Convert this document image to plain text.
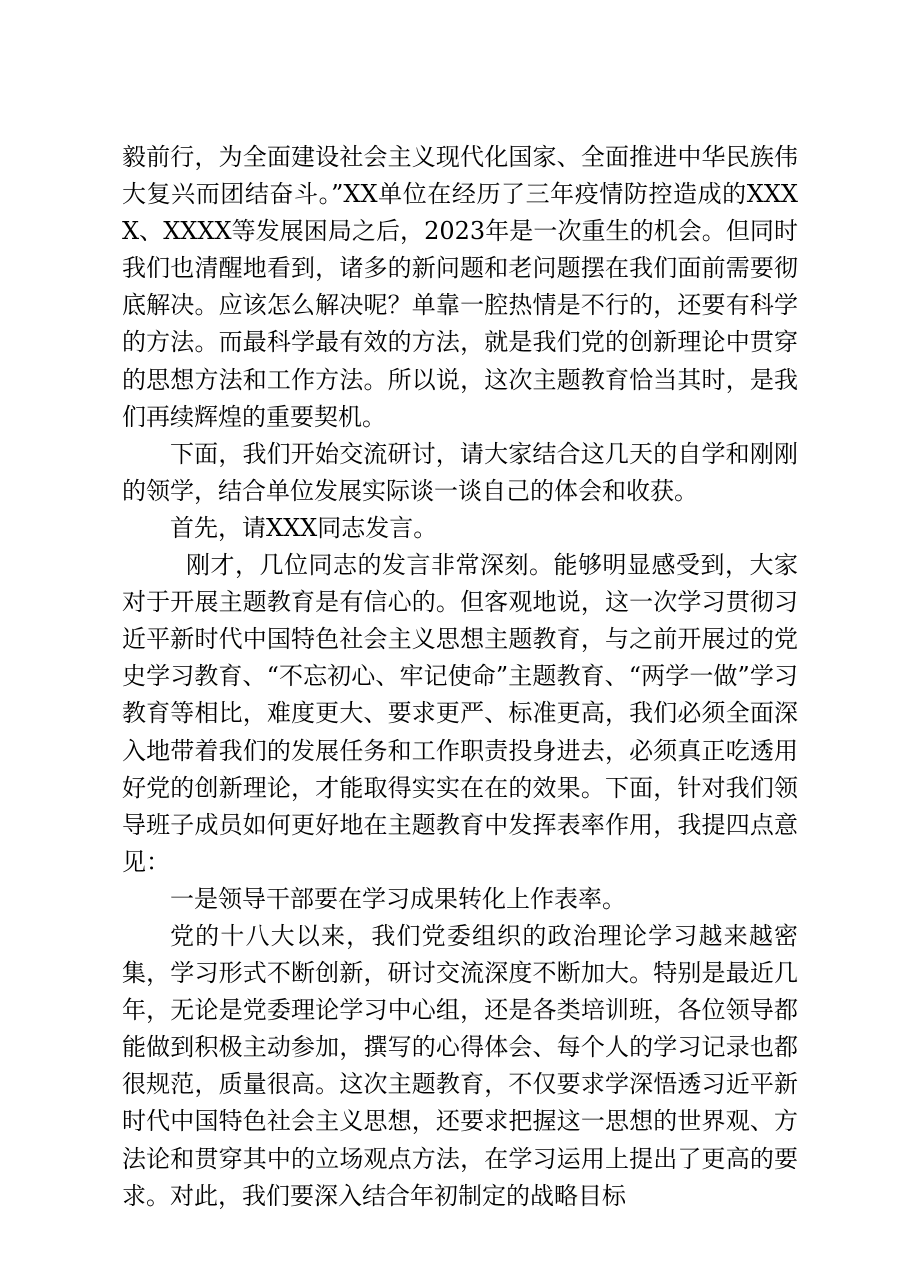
毅前行，为全面建设社会主义现代化国家、全面推进中华民族伟大复兴而团结奋斗。”XX单位在经历了三年疫情防控造成的XXXX、XXXX等发展困局之后，2023年是一次重生的机会。但同时我们也清醒地看到，诸多的新问题和老问题摆在我们面前需要彻底解决。应该怎么解决呢？单靠一腔热情是不行的，还要有科学的方法。而最科学最有效的方法，就是我们党的创新理论中贯穿的思想方法和工作方法。所以说，这次主题教育恰当其时，是我们再续辉煌的重要契机。

下面，我们开始交流研讨，请大家结合这几天的自学和刚刚的领学，结合单位发展实际谈一谈自己的体会和收获。

首先，请XXX同志发言。

刚才，几位同志的发言非常深刻。能够明显感受到，大家对于开展主题教育是有信心的。但客观地说，这一次学习贯彻习近平新时代中国特色社会主义思想主题教育，与之前开展过的党史学习教育、“不忘初心、牢记使命”主题教育、“两学一做”学习教育等相比，难度更大、要求更严、标准更高，我们必须全面深入地带着我们的发展任务和工作职责投身进去，必须真正吃透用好党的创新理论，才能取得实实在在的效果。下面，针对我们领导班子成员如何更好地在主题教育中发挥表率作用，我提四点意见：

一是领导干部要在学习成果转化上作表率。

党的十八大以来，我们党委组织的政治理论学习越来越密集，学习形式不断创新，研讨交流深度不断加大。特别是最近几年，无论是党委理论学习中心组，还是各类培训班，各位领导都能做到积极主动参加，撰写的心得体会、每个人的学习记录也都很规范，质量很高。这次主题教育，不仅要求学深悟透习近平新时代中国特色社会主义思想，还要求把握这一思想的世界观、方法论和贯穿其中的立场观点方法，在学习运用上提出了更高的要求。对此，我们要深入结合年初制定的战略目标
